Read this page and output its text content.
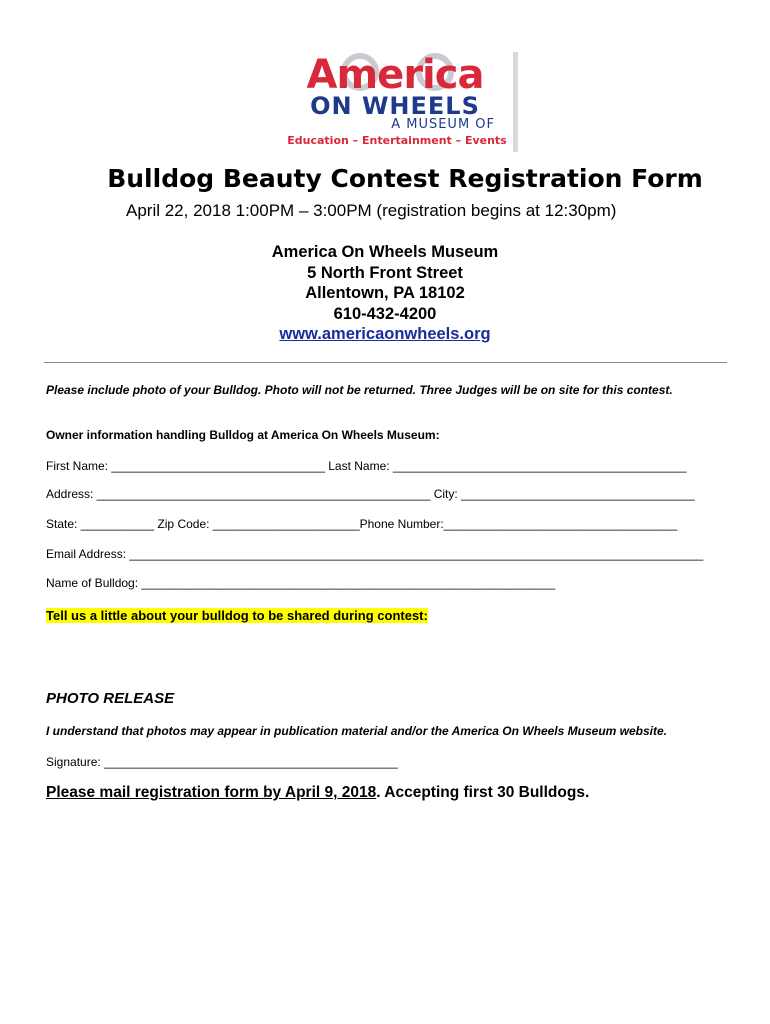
America
ON WHEELS
A MUSEUM OF
Education – Entertainment – Events
Bulldog Beauty Contest Registration Form
April 22, 2018 1:00PM – 3:00PM (registration begins at 12:30pm)
America On Wheels Museum
5 North Front Street
Allentown, PA 18102
610-432-4200
www.americaonwheels.org
Please include photo of your Bulldog. Photo will not be returned. Three Judges will be on site for this contest.
Owner information handling Bulldog at America On Wheels Museum:
First Name: ________________________________ Last Name: ____________________________________________
Address: __________________________________________________ City: ___________________________________
State: ___________ Zip Code: ______________________Phone Number:___________________________________
Email Address: ______________________________________________________________________________________
Name of Bulldog: ______________________________________________________________
Tell us a little about your bulldog to be shared during contest:
PHOTO RELEASE
I understand that photos may appear in publication material and/or the America On Wheels Museum website.
Signature: ____________________________________________
Please mail registration form by April 9, 2018. Accepting first 30 Bulldogs.
